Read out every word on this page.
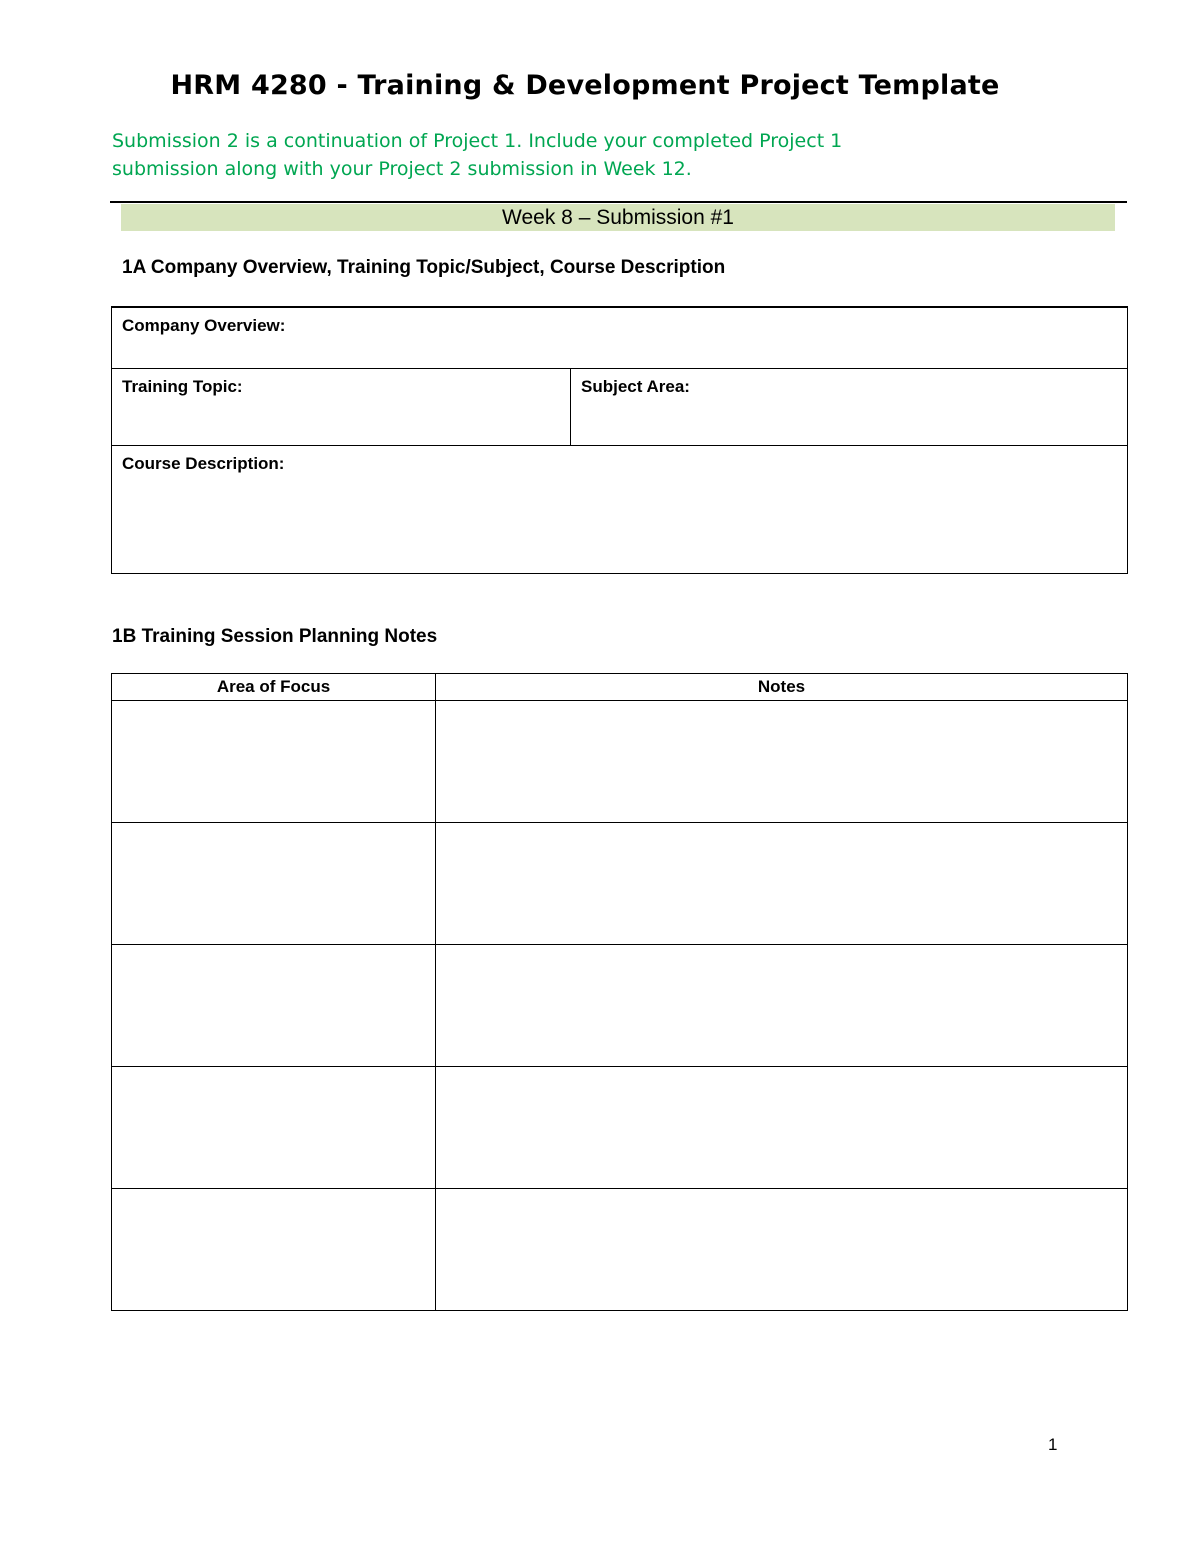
HRM 4280 - Training & Development Project Template
Submission 2 is a continuation of Project 1. Include your completed Project 1
submission along with your Project 2 submission in Week 12.
Week 8 – Submission #1
1A Company Overview, Training Topic/Subject, Course Description
Company Overview:
Training Topic:	Subject Area:
Course Description:
1B Training Session Planning Notes
Area of Focus	Notes

1
